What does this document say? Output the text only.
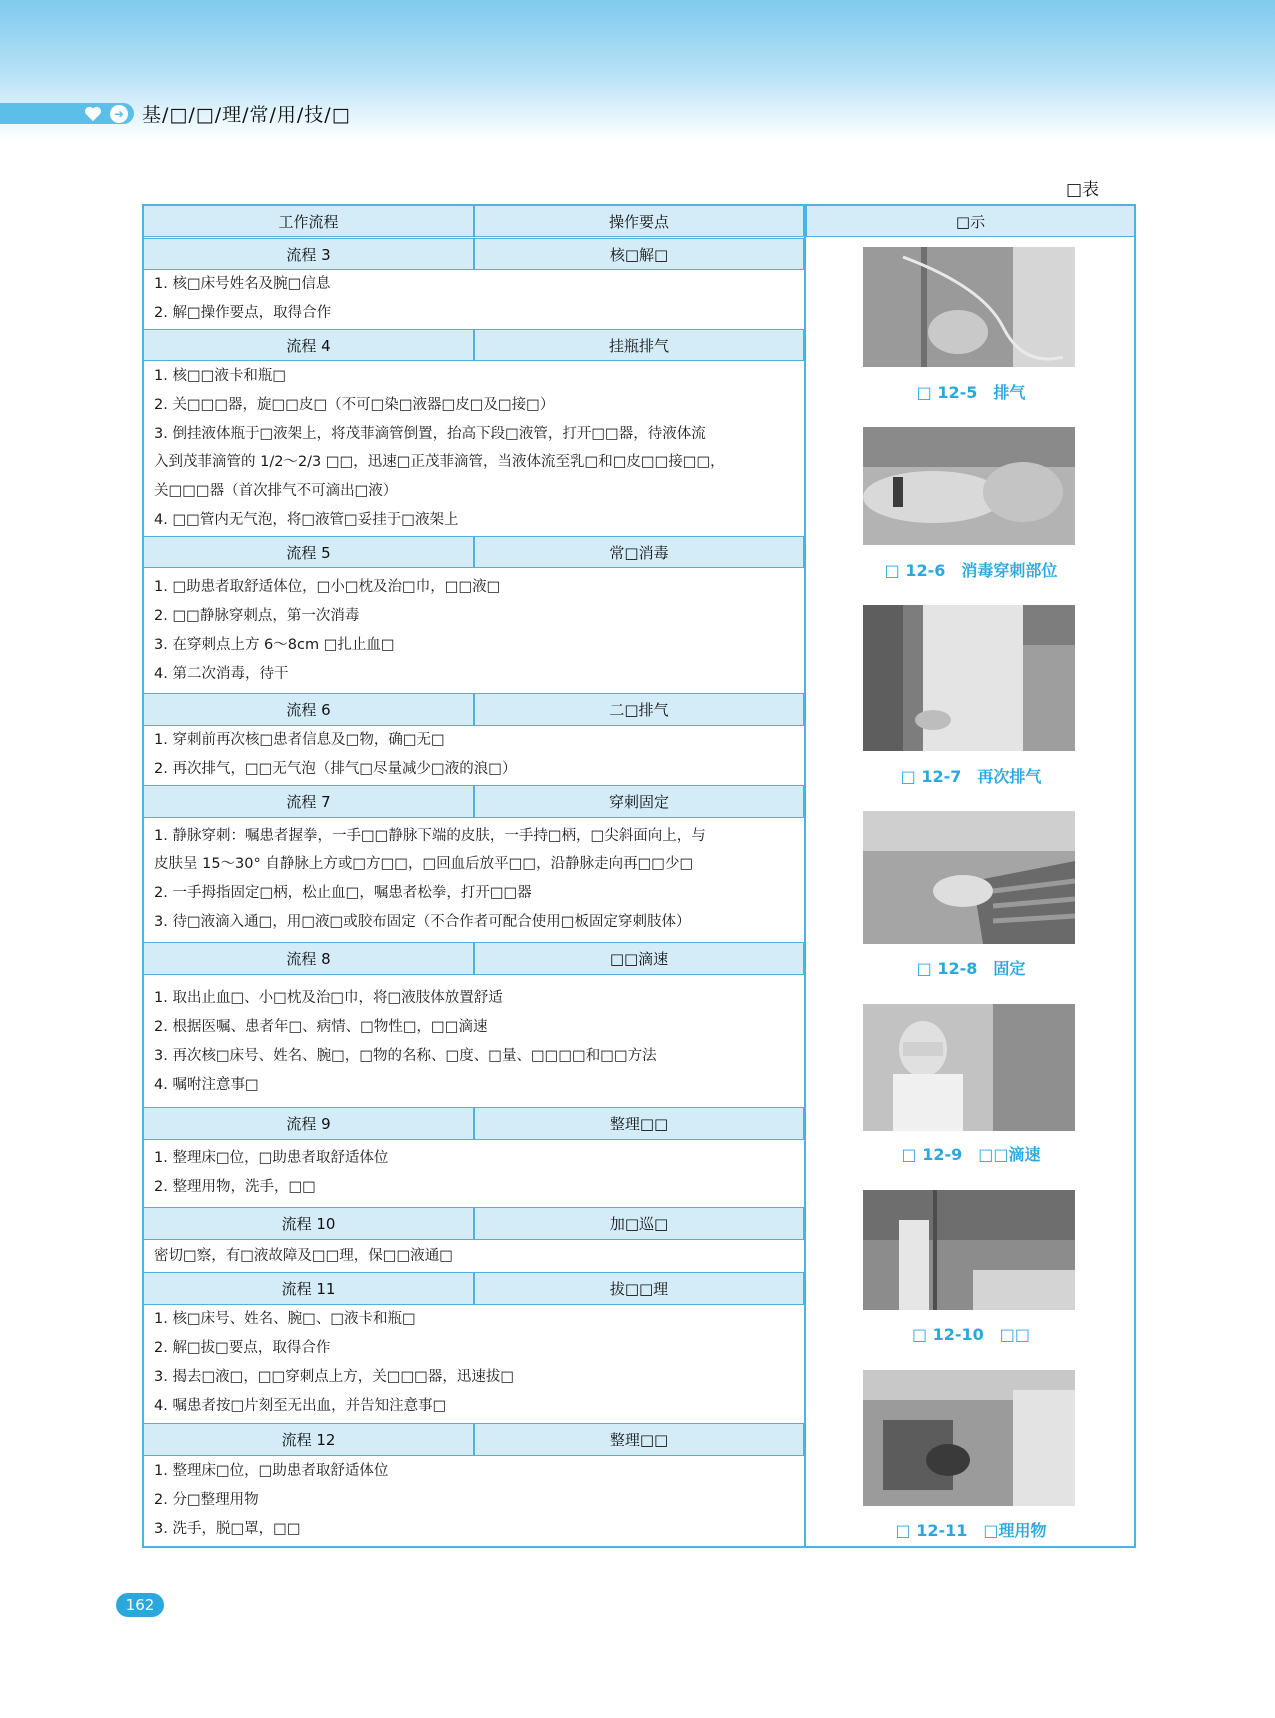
➜ 基/□/□/理/常/用/技/□
□表
工作流程	操作要点	□示
流程 3	核□解□
1. 核□床号姓名及腕□信息
2. 解□操作要点，取得合作
流程 4	挂瓶排气
1. 核□□液卡和瓶□
2. 关□□□器，旋□□皮□（不可□染□液器□皮□及□接□）
3. 倒挂液体瓶于□液架上，将茂菲滴管倒置，抬高下段□液管，打开□□器，待液体流
入到茂菲滴管的 1/2～2/3 □□，迅速□正茂菲滴管，当液体流至乳□和□皮□□接□□，
关□□□器（首次排气不可滴出□液）
4. □□管内无气泡，将□液管□妥挂于□液架上
流程 5	常□消毒
1. □助患者取舒适体位，□小□枕及治□巾，□□液□
2. □□静脉穿刺点，第一次消毒
3. 在穿刺点上方 6～8cm □扎止血□
4. 第二次消毒，待干
流程 6	二□排气
1. 穿刺前再次核□患者信息及□物，确□无□
2. 再次排气，□□无气泡（排气□尽量减少□液的浪□）
流程 7	穿刺固定
1. 静脉穿刺：嘱患者握拳，一手□□静脉下端的皮肤，一手持□柄，□尖斜面向上，与
皮肤呈 15～30° 自静脉上方或□方□□，□回血后放平□□，沿静脉走向再□□少□
2. 一手拇指固定□柄，松止血□，嘱患者松拳，打开□□器
3. 待□液滴入通□，用□液□或胶布固定（不合作者可配合使用□板固定穿刺肢体）
流程 8	□□滴速
1. 取出止血□、小□枕及治□巾，将□液肢体放置舒适
2. 根据医嘱、患者年□、病情、□物性□，□□滴速
3. 再次核□床号、姓名、腕□，□物的名称、□度、□量、□□□□和□□方法
4. 嘱咐注意事□
流程 9	整理□□
1. 整理床□位，□助患者取舒适体位
2. 整理用物，洗手，□□
流程 10	加□巡□
密切□察，有□液故障及□□理，保□□液通□
流程 11	拔□□理
1. 核□床号、姓名、腕□、□液卡和瓶□
2. 解□拔□要点，取得合作
3. 揭去□液□，□□穿刺点上方，关□□□器，迅速拔□
4. 嘱患者按□片刻至无出血，并告知注意事□
流程 12	整理□□
1. 整理床□位，□助患者取舒适体位
2. 分□整理用物
3. 洗手，脱□罩，□□
□ 12-5　排气
□ 12-6　消毒穿刺部位
□ 12-7　再次排气
□ 12-8　固定
□ 12-9　□□滴速
□ 12-10　□□
□ 12-11　□理用物
162
